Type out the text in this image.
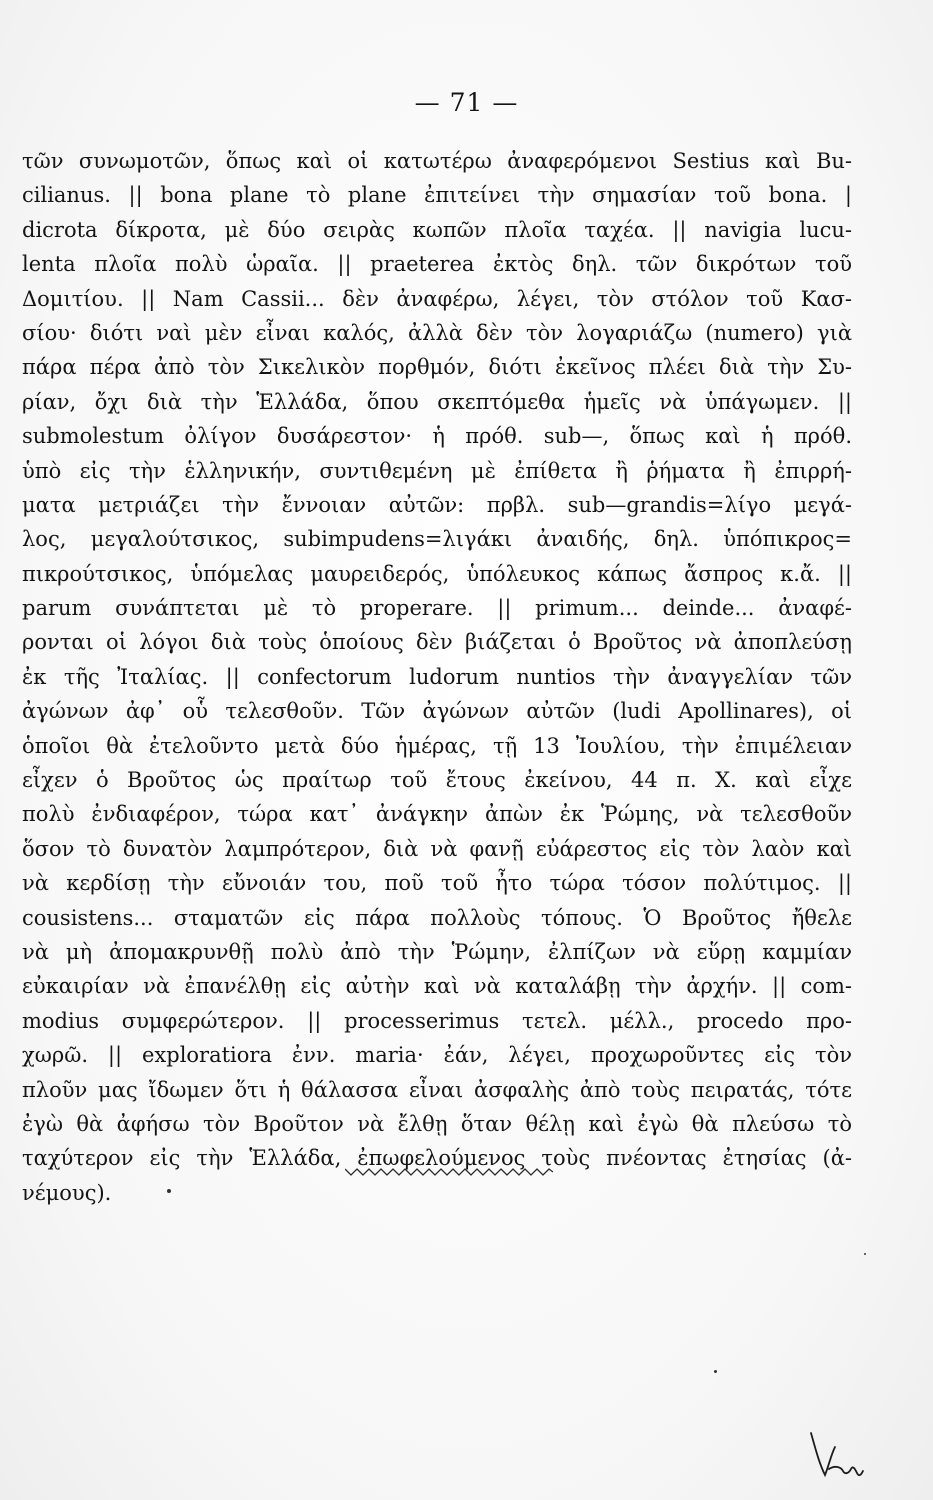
— 71 —
τῶν συνωμοτῶν, ὅπως καὶ οἱ κατωτέρω ἀναφερόμενοι Sestius καὶ Bu-
cilianus. || bona plane τὸ plane ἐπιτείνει τὴν σημασίαν τοῦ bona. |
dicrota δίκροτα, μὲ δύο σειρὰς κωπῶν πλοῖα ταχέα. || navigia lucu-
lenta πλοῖα πολὺ ὡραῖα. || praeterea ἐκτὸς δηλ. τῶν δικρότων τοῦ
Δομιτίου. || Nam Cassii... δὲν ἀναφέρω, λέγει, τὸν στόλον τοῦ Κασ-
σίου· διότι ναὶ μὲν εἶναι καλός, ἀλλὰ δὲν τὸν λογαριάζω (numero) γιὰ
πάρα πέρα ἀπὸ τὸν Σικελικὸν πορθμόν, διότι ἐκεῖνος πλέει διὰ τὴν Συ-
ρίαν, ὄχι διὰ τὴν Ἑλλάδα, ὅπου σκεπτόμεθα ἡμεῖς νὰ ὑπάγωμεν. ||
submolestum ὀλίγον δυσάρεστον· ἡ πρόθ. sub—, ὅπως καὶ ἡ πρόθ.
ὑπὸ εἰς τὴν ἑλληνικήν, συντιθεμένη μὲ ἐπίθετα ἢ ῥήματα ἢ ἐπιρρή-
ματα μετριάζει τὴν ἔννοιαν αὐτῶν: πρβλ. sub—grandis=λίγο μεγά-
λος, μεγαλούτσικος, subimpudens=λιγάκι ἀναιδής, δηλ. ὑπόπικρος=
πικρούτσικος, ὑπόμελας μαυρειδερός, ὑπόλευκος κάπως ἄσπρος κ.ἄ. ||
parum συνάπτεται μὲ τὸ properare. || primum... deinde... ἀναφέ-
ρονται οἱ λόγοι διὰ τοὺς ὁποίους δὲν βιάζεται ὁ Βροῦτος νὰ ἀποπλεύσῃ
ἐκ τῆς Ἰταλίας. || confectorum ludorum nuntios τὴν ἀναγγελίαν τῶν
ἀγώνων ἀφ᾽ οὗ τελεσθοῦν. Τῶν ἀγώνων αὐτῶν (ludi Apollinares), οἱ
ὁποῖοι θὰ ἐτελοῦντο μετὰ δύο ἡμέρας, τῇ 13 Ἰουλίου, τὴν ἐπιμέλειαν
εἶχεν ὁ Βροῦτος ὡς πραίτωρ τοῦ ἔτους ἐκείνου, 44 π. Χ. καὶ εἶχε
πολὺ ἐνδιαφέρον, τώρα κατ᾽ ἀνάγκην ἀπὼν ἐκ Ῥώμης, νὰ τελεσθοῦν
ὅσον τὸ δυνατὸν λαμπρότερον, διὰ νὰ φανῇ εὐάρεστος εἰς τὸν λαὸν καὶ
νὰ κερδίσῃ τὴν εὔνοιάν του, ποῦ τοῦ ἦτο τώρα τόσον πολύτιμος. ||
cousistens... σταματῶν εἰς πάρα πολλοὺς τόπους. Ὁ Βροῦτος ἤθελε
νὰ μὴ ἀπομακρυνθῇ πολὺ ἀπὸ τὴν Ῥώμην, ἐλπίζων νὰ εὕρῃ καμμίαν
εὐκαιρίαν νὰ ἐπανέλθῃ εἰς αὐτὴν καὶ νὰ καταλάβῃ τὴν ἀρχήν. || com-
modius συμφερώτερον. || processerimus τετελ. μέλλ., procedo προ-
χωρῶ. || exploratiora ἐνν. maria· ἐάν, λέγει, προχωροῦντες εἰς τὸν
πλοῦν μας ἴδωμεν ὅτι ἡ θάλασσα εἶναι ἀσφαλὴς ἀπὸ τοὺς πειρατάς, τότε
ἐγὼ θὰ ἀφήσω τὸν Βροῦτον νὰ ἔλθῃ ὅταν θέλῃ καὶ ἐγὼ θὰ πλεύσω τὸ
ταχύτερον εἰς τὴν Ἑλλάδα, ἐπωφελούμενος τοὺς πνέοντας ἐτησίας (ἀ-
νέμους).
